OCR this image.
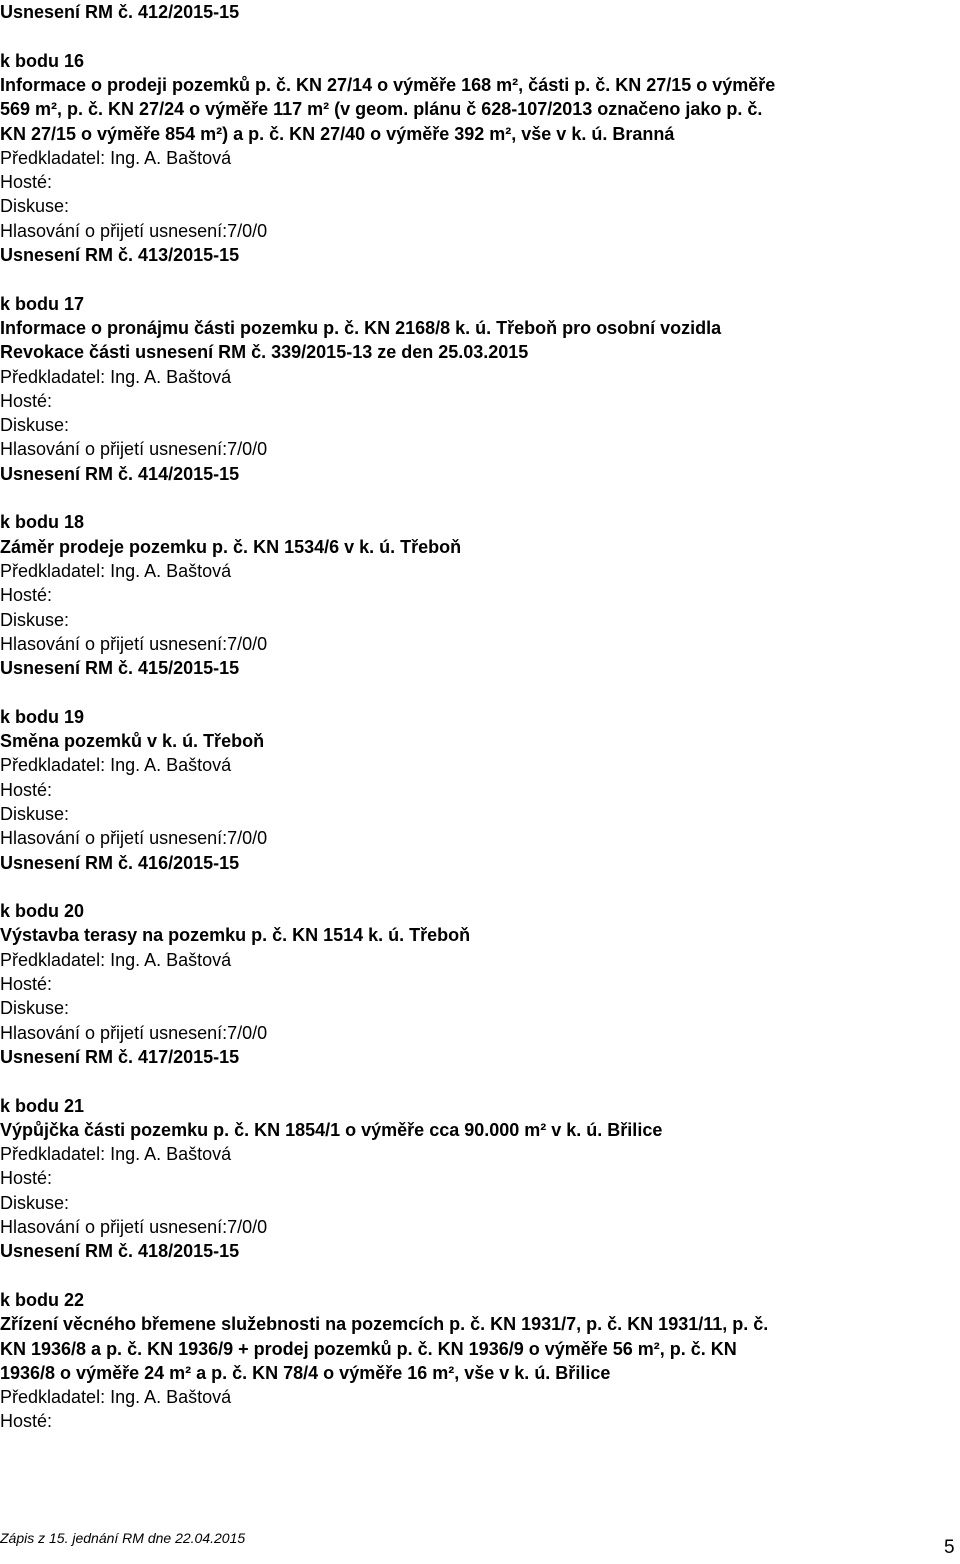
Usnesení RM č. 412/2015-15
k bodu 16
Informace o prodeji pozemků p. č. KN 27/14 o výměře 168 m², části p. č. KN 27/15 o výměře
569 m², p. č. KN 27/24 o výměře 117 m² (v geom. plánu č 628-107/2013 označeno jako p. č.
KN 27/15 o výměře 854 m²) a p. č. KN 27/40 o výměře 392 m², vše v k. ú. Branná
Předkladatel: Ing. A. Baštová
Hosté:
Diskuse:
Hlasování o přijetí usnesení:7/0/0
Usnesení RM č. 413/2015-15
k bodu 17
Informace o pronájmu části pozemku p. č. KN 2168/8 k. ú. Třeboň pro osobní vozidla
Revokace části usnesení RM č. 339/2015-13 ze den 25.03.2015
Předkladatel: Ing. A. Baštová
Hosté:
Diskuse:
Hlasování o přijetí usnesení:7/0/0
Usnesení RM č. 414/2015-15
k bodu 18
Záměr prodeje pozemku p. č. KN 1534/6 v k. ú. Třeboň
Předkladatel: Ing. A. Baštová
Hosté:
Diskuse:
Hlasování o přijetí usnesení:7/0/0
Usnesení RM č. 415/2015-15
k bodu 19
Směna pozemků v k. ú. Třeboň
Předkladatel: Ing. A. Baštová
Hosté:
Diskuse:
Hlasování o přijetí usnesení:7/0/0
Usnesení RM č. 416/2015-15
k bodu 20
Výstavba terasy na pozemku p. č. KN 1514 k. ú. Třeboň
Předkladatel: Ing. A. Baštová
Hosté:
Diskuse:
Hlasování o přijetí usnesení:7/0/0
Usnesení RM č. 417/2015-15
k bodu 21
Výpůjčka části pozemku p. č. KN 1854/1 o výměře cca 90.000 m² v k. ú. Břilice
Předkladatel: Ing. A. Baštová
Hosté:
Diskuse:
Hlasování o přijetí usnesení:7/0/0
Usnesení RM č. 418/2015-15
k bodu 22
Zřízení věcného břemene služebnosti na pozemcích p. č. KN 1931/7, p. č. KN 1931/11, p. č.
KN 1936/8 a p. č. KN 1936/9 + prodej pozemků p. č. KN 1936/9 o výměře 56 m², p. č. KN
1936/8 o výměře 24 m² a p. č. KN 78/4 o výměře 16 m², vše v k. ú. Břilice
Předkladatel: Ing. A. Baštová
Hosté:
Zápis z 15. jednání RM dne 22.04.2015	5
